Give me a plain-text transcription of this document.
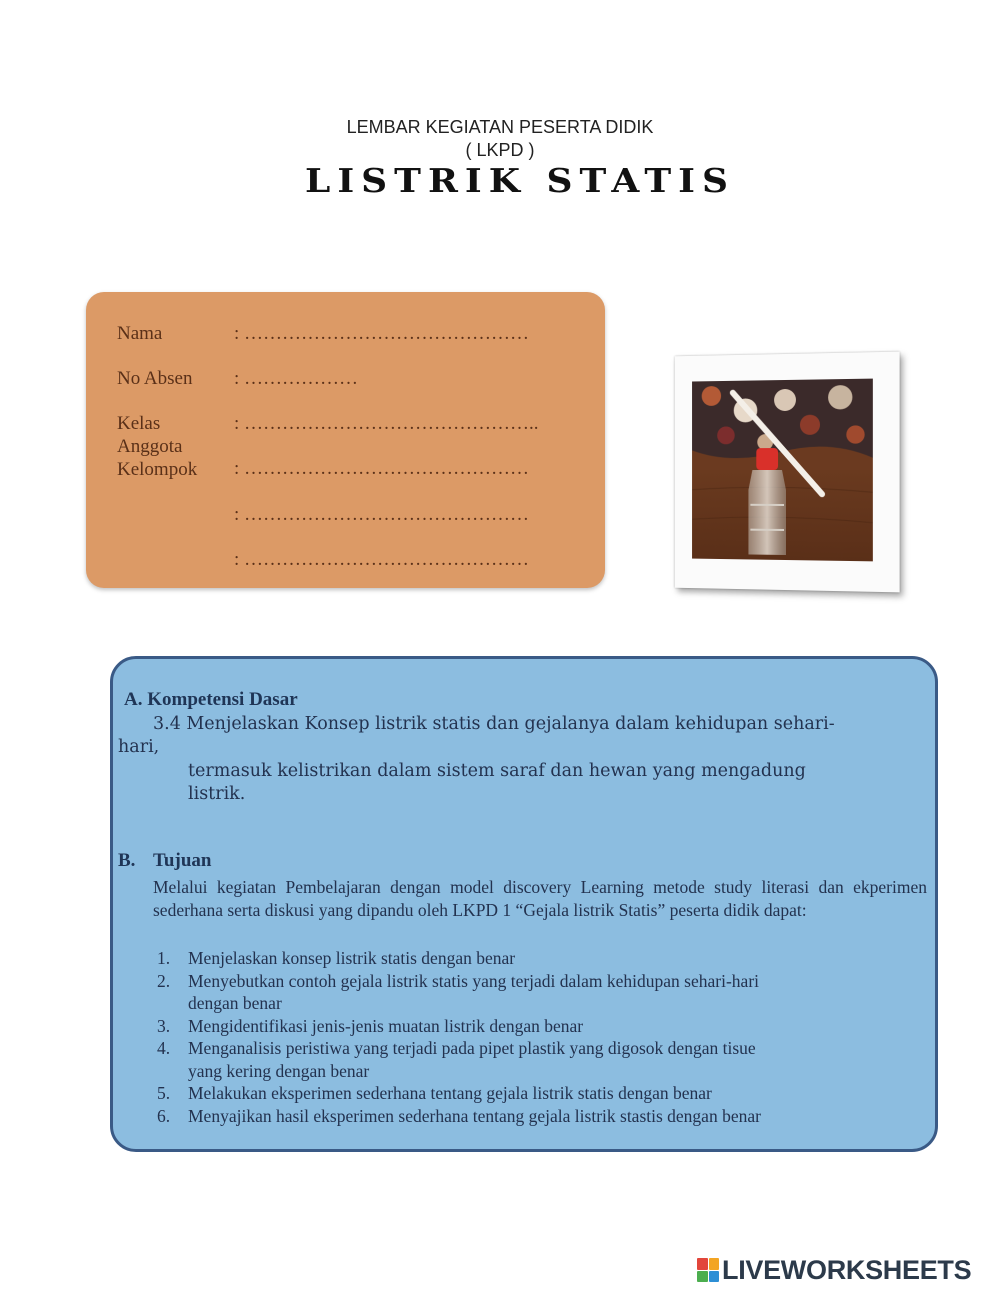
LEMBAR KEGIATAN PESERTA DIDIK
( LKPD )
LISTRIK STATIS
Nama	: ………………………………………
No Absen : ………………
Kelas	: ………………………………………..
Anggota
Kelompok : ………………………………………
: ………………………………………
: ………………………………………
A. Kompetensi Dasar
3.4 Menjelaskan Konsep listrik statis dan gejalanya dalam kehidupan sehari-
hari,
termasuk kelistrikan dalam sistem saraf dan hewan yang mengadung
listrik.
B. Tujuan
Melalui kegiatan Pembelajaran dengan model discovery Learning metode study literasi dan ekperimen sederhana serta diskusi yang dipandu oleh LKPD 1 “Gejala listrik Statis” peserta didik dapat:
1. Menjelaskan konsep listrik statis dengan benar
2. Menyebutkan contoh gejala listrik statis yang terjadi dalam kehidupan sehari-hari
dengan benar
3. Mengidentifikasi jenis-jenis muatan listrik dengan benar
4. Menganalisis peristiwa yang terjadi pada pipet plastik yang digosok dengan tisue
yang kering dengan benar
5. Melakukan eksperimen sederhana tentang gejala listrik statis dengan benar
6. Menyajikan hasil eksperimen sederhana tentang gejala listrik stastis dengan benar
LIVEWORKSHEETS
